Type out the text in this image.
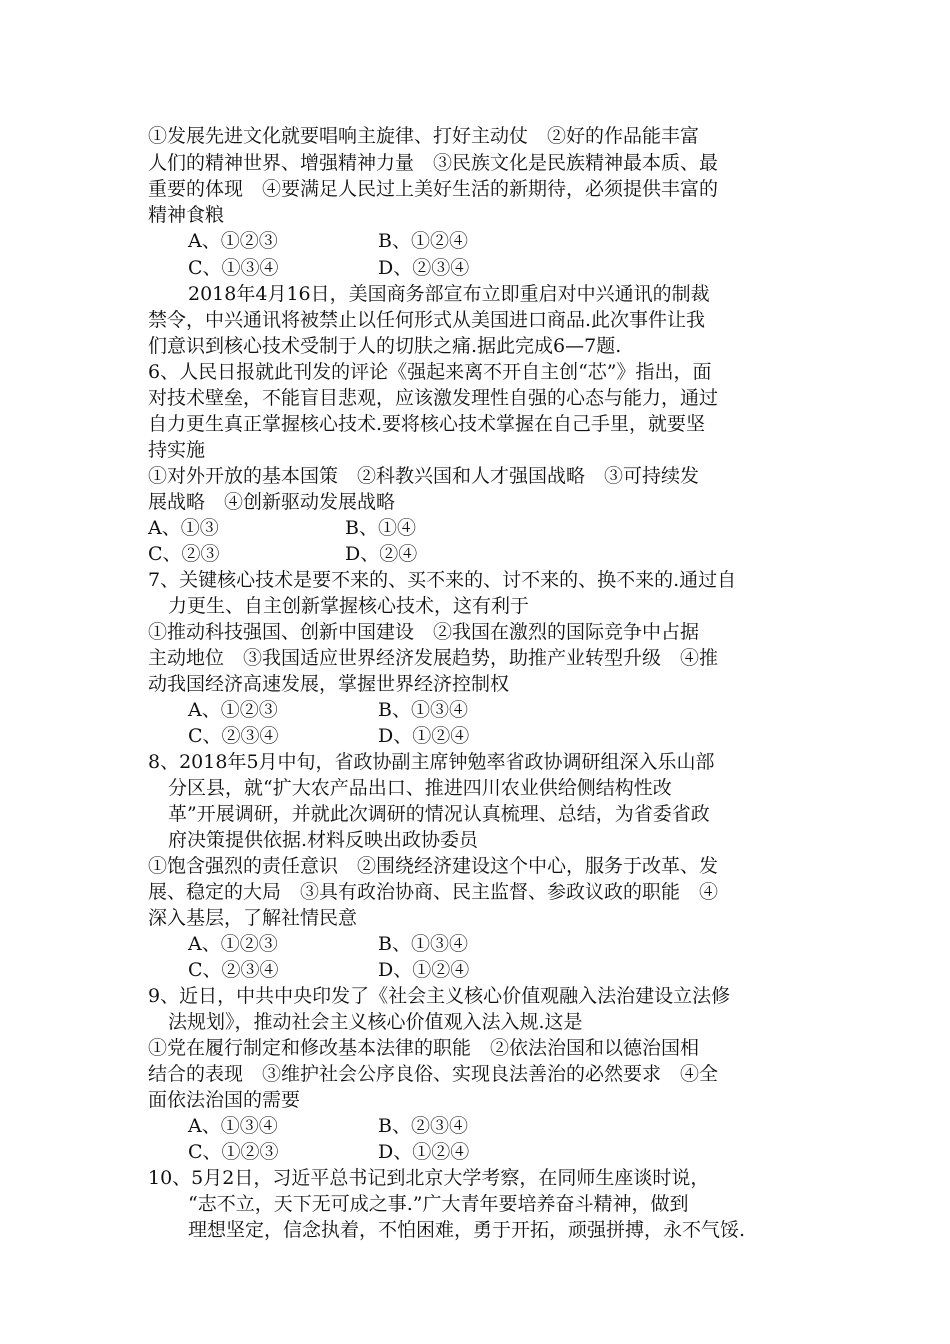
①发展先进文化就要唱响主旋律、打好主动仗　②好的作品能丰富
人们的精神世界、增强精神力量　③民族文化是民族精神最本质、最
重要的体现　④要满足人民过上美好生活的新期待，必须提供丰富的
精神食粮
A、①②③	B、①②④
C、①③④	D、②③④
2018年4月16日，美国商务部宣布立即重启对中兴通讯的制裁
禁令，中兴通讯将被禁止以任何形式从美国进口商品.此次事件让我
们意识到核心技术受制于人的切肤之痛.据此完成6—7题.
6、人民日报就此刊发的评论《强起来离不开自主创“芯”》指出，面
对技术壁垒，不能盲目悲观，应该激发理性自强的心态与能力，通过
自力更生真正掌握核心技术.要将核心技术掌握在自己手里，就要坚
持实施
①对外开放的基本国策　②科教兴国和人才强国战略　③可持续发
展战略　④创新驱动发展战略
A、①③	B、①④
C、②③	D、②④
7、关键核心技术是要不来的、买不来的、讨不来的、换不来的.通过自
力更生、自主创新掌握核心技术，这有利于
①推动科技强国、创新中国建设　②我国在激烈的国际竞争中占据
主动地位　③我国适应世界经济发展趋势，助推产业转型升级　④推
动我国经济高速发展，掌握世界经济控制权
A、①②③	B、①③④
C、②③④	D、①②④
8、2018年5月中旬，省政协副主席钟勉率省政协调研组深入乐山部
分区县，就“扩大农产品出口、推进四川农业供给侧结构性改
革”开展调研，并就此次调研的情况认真梳理、总结，为省委省政
府决策提供依据.材料反映出政协委员
①饱含强烈的责任意识　②围绕经济建设这个中心，服务于改革、发
展、稳定的大局　③具有政治协商、民主监督、参政议政的职能　④
深入基层，了解社情民意
A、①②③	B、①③④
C、②③④	D、①②④
9、近日，中共中央印发了《社会主义核心价值观融入法治建设立法修
法规划》，推动社会主义核心价值观入法入规.这是
①党在履行制定和修改基本法律的职能　②依法治国和以德治国相
结合的表现　③维护社会公序良俗、实现良法善治的必然要求　④全
面依法治国的需要
A、①③④	B、②③④
C、①②③	D、①②④
10、5月2日，习近平总书记到北京大学考察，在同师生座谈时说，
“志不立，天下无可成之事.”广大青年要培养奋斗精神，做到
理想坚定，信念执着，不怕困难，勇于开拓，顽强拼搏，永不气馁.
